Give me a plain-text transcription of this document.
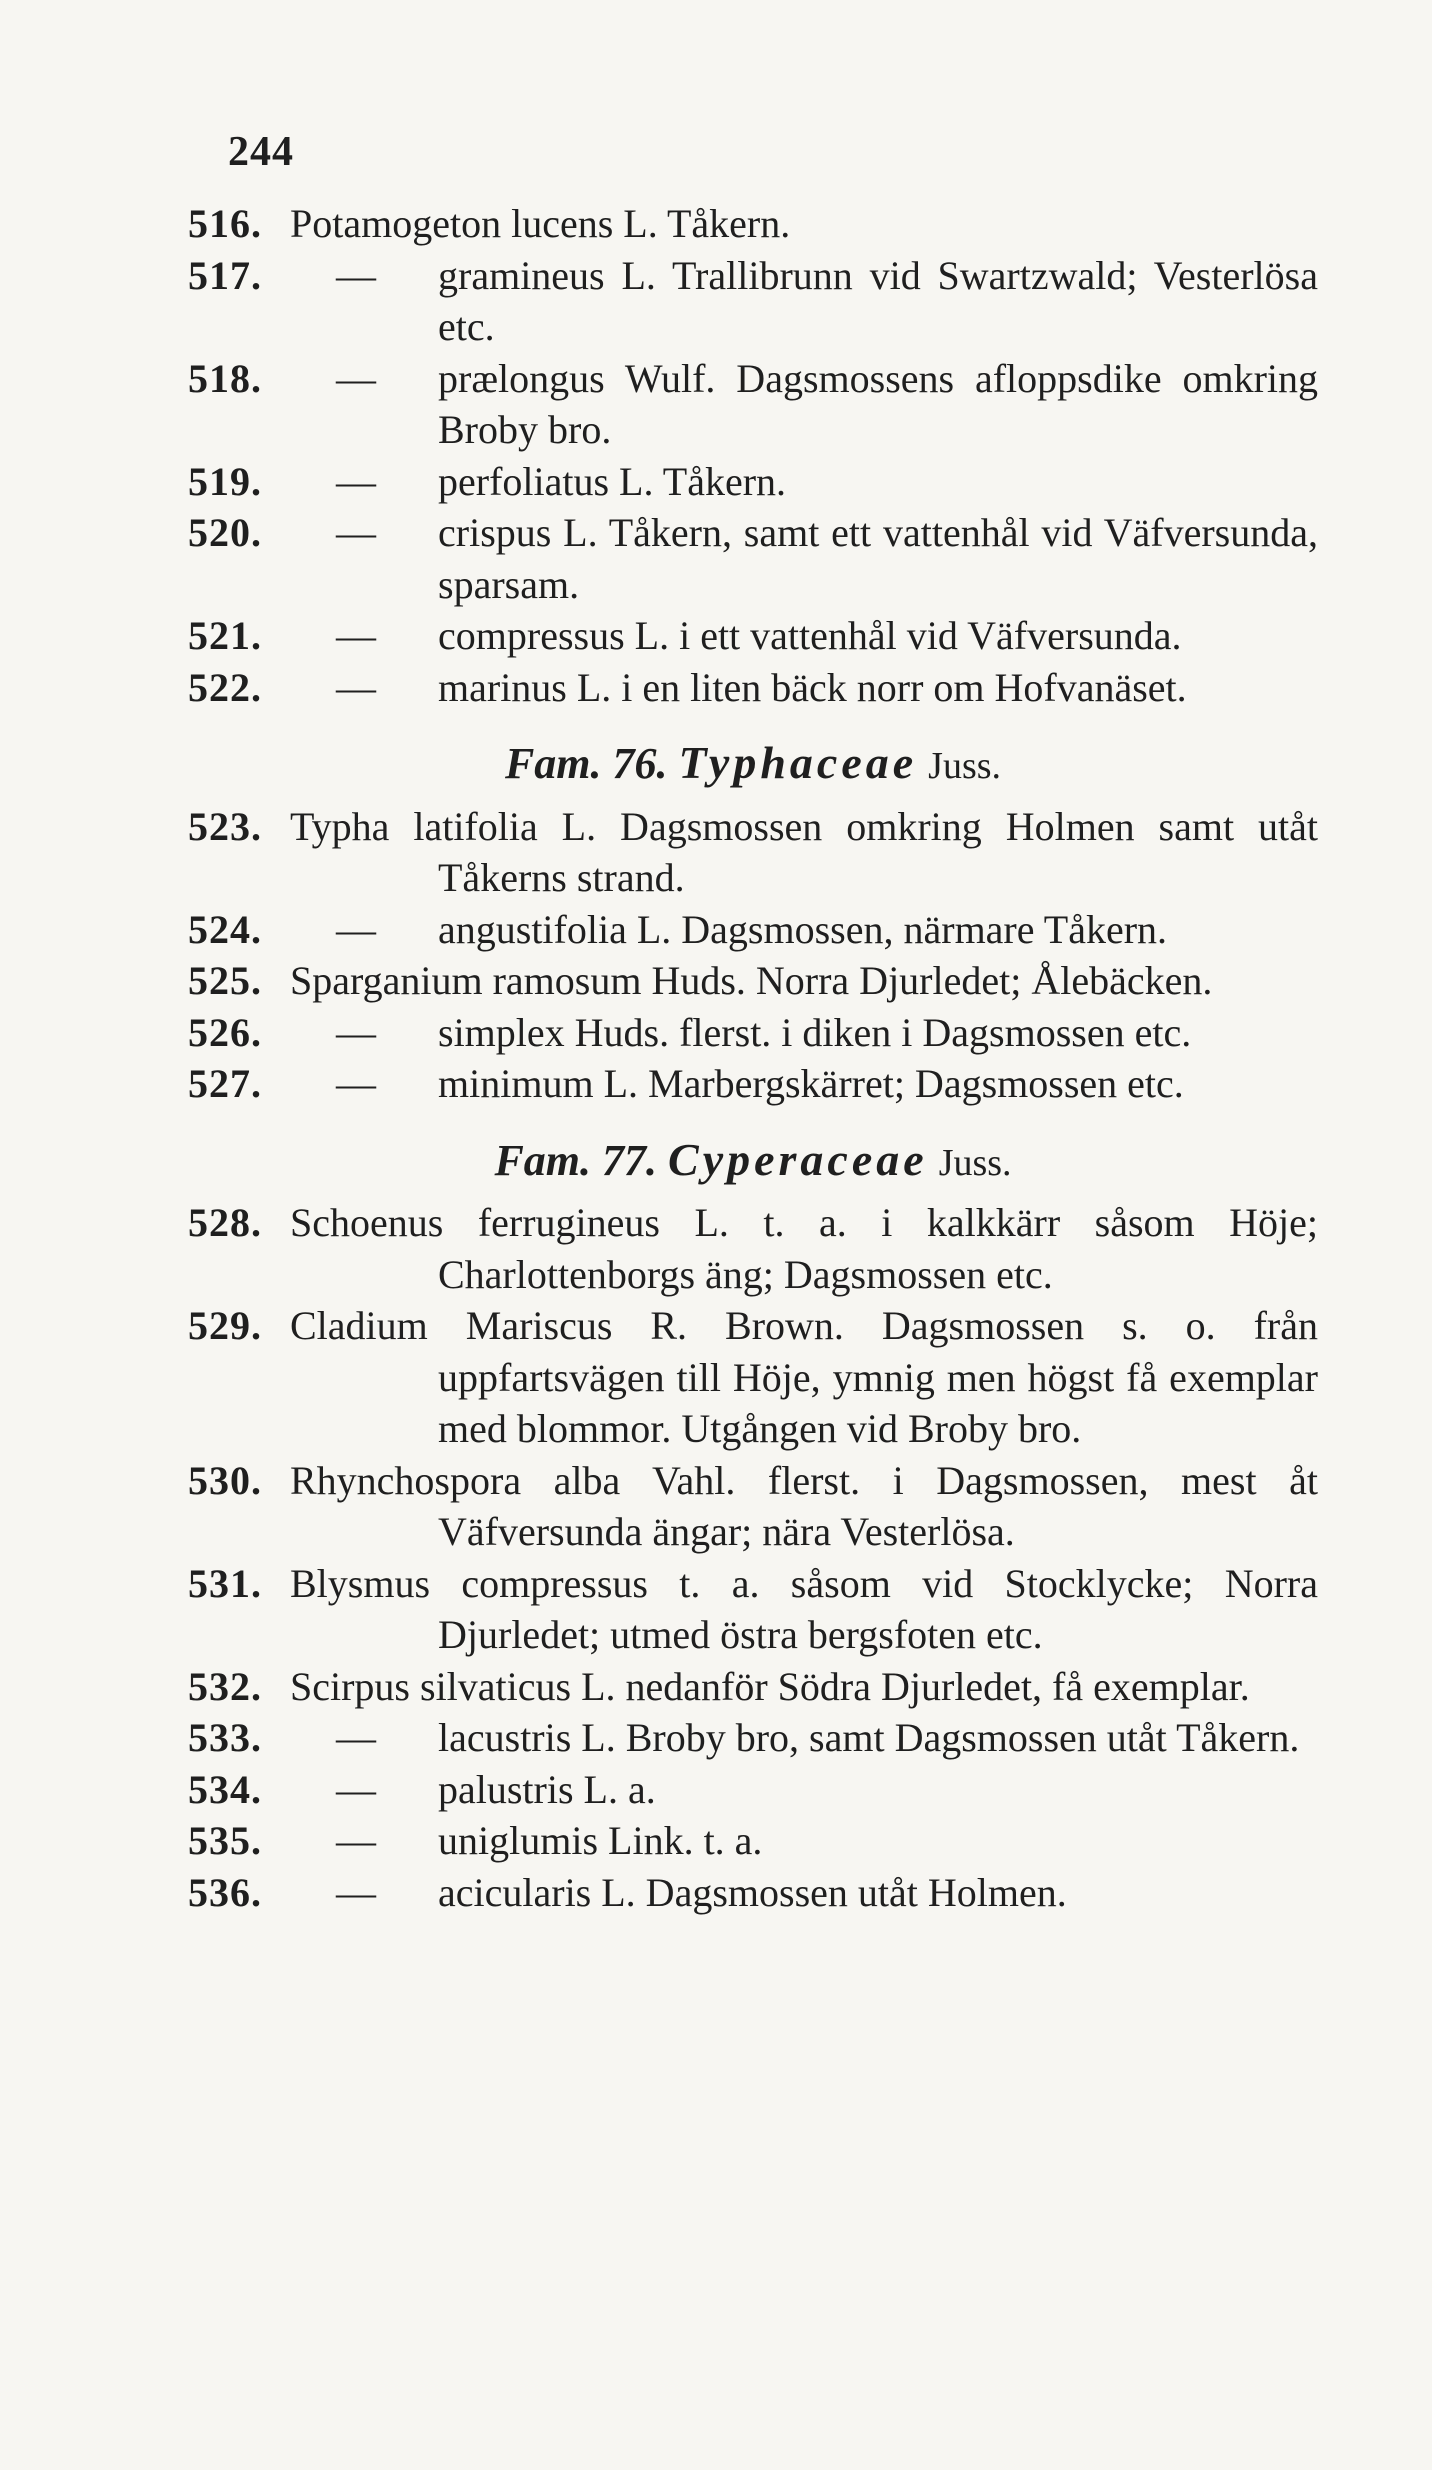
244
516. Potamogeton lucens L. Tåkern.
517. — gramineus L. Trallibrunn vid Swartzwald; Vesterlösa etc.
518. — prælongus Wulf. Dagsmossens afloppsdike omkring Broby bro.
519. — perfoliatus L. Tåkern.
520. — crispus L. Tåkern, samt ett vattenhål vid Väfversunda, sparsam.
521. — compressus L. i ett vattenhål vid Väfversunda.
522. — marinus L. i en liten bäck norr om Hofvanäset.
Fam. 76. Typhaceae Juss.
523. Typha latifolia L. Dagsmossen omkring Holmen samt utåt Tåkerns strand.
524. — angustifolia L. Dagsmossen, närmare Tåkern.
525. Sparganium ramosum Huds. Norra Djurledet; Ålebäcken.
526. — simplex Huds. flerst. i diken i Dagsmossen etc.
527. — minimum L. Marbergskärret; Dagsmossen etc.
Fam. 77. Cyperaceae Juss.
528. Schoenus ferrugineus L. t. a. i kalkkärr såsom Höje; Charlottenborgs äng; Dagsmossen etc.
529. Cladium Mariscus R. Brown. Dagsmossen s. o. från uppfartsvägen till Höje, ymnig men högst få exemplar med blommor. Utgången vid Broby bro.
530. Rhynchospora alba Vahl. flerst. i Dagsmossen, mest åt Väfversunda ängar; nära Vesterlösa.
531. Blysmus compressus t. a. såsom vid Stocklycke; Norra Djurledet; utmed östra bergsfoten etc.
532. Scirpus silvaticus L. nedanför Södra Djurledet, få exemplar.
533. — lacustris L. Broby bro, samt Dagsmossen utåt Tåkern.
534. — palustris L. a.
535. — uniglumis Link. t. a.
536. — acicularis L. Dagsmossen utåt Holmen.
